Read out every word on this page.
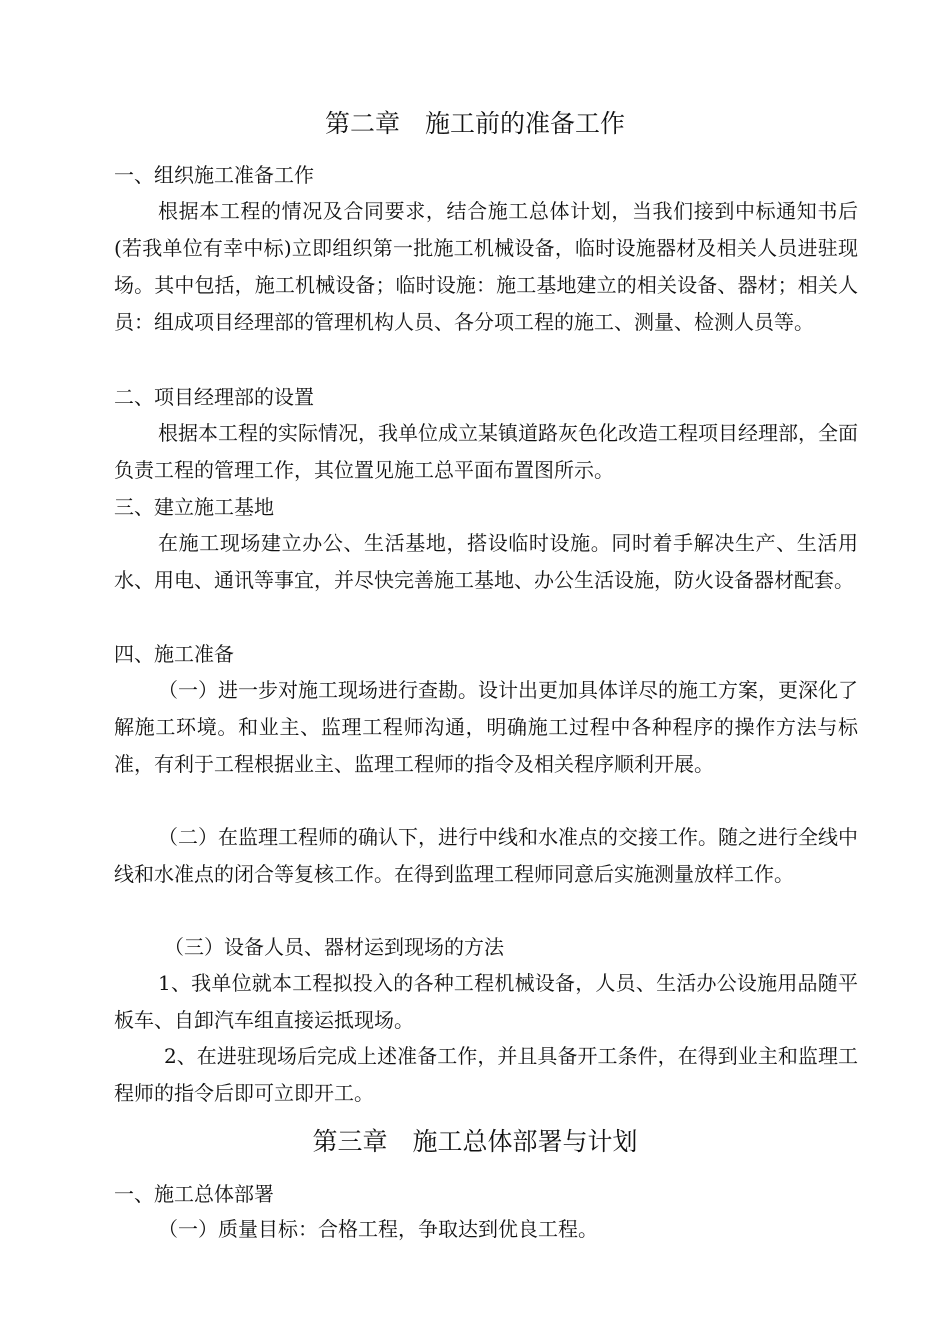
第二章　施工前的准备工作
一、组织施工准备工作

根据本工程的情况及合同要求，结合施工总体计划，当我们接到中标通知书后(若我单位有幸中标)立即组织第一批施工机械设备，临时设施器材及相关人员进驻现场。其中包括，施工机械设备；临时设施：施工基地建立的相关设备、器材；相关人员：组成项目经理部的管理机构人员、各分项工程的施工、测量、检测人员等。

二、项目经理部的设置

根据本工程的实际情况，我单位成立某镇道路灰色化改造工程项目经理部，全面负责工程的管理工作，其位置见施工总平面布置图所示。

三、建立施工基地

在施工现场建立办公、生活基地，搭设临时设施。同时着手解决生产、生活用水、用电、通讯等事宜，并尽快完善施工基地、办公生活设施，防火设备器材配套。

四、施工准备

（一）进一步对施工现场进行查勘。设计出更加具体详尽的施工方案，更深化了解施工环境。和业主、监理工程师沟通，明确施工过程中各种程序的操作方法与标准，有利于工程根据业主、监理工程师的指令及相关程序顺利开展。

（二）在监理工程师的确认下，进行中线和水准点的交接工作。随之进行全线中线和水准点的闭合等复核工作。在得到监理工程师同意后实施测量放样工作。

（三）设备人员、器材运到现场的方法

1、我单位就本工程拟投入的各种工程机械设备，人员、生活办公设施用品随平板车、自卸汽车组直接运抵现场。

2、在进驻现场后完成上述准备工作，并且具备开工条件，在得到业主和监理工程师的指令后即可立即开工。

第三章　施工总体部署与计划
一、施工总体部署
（一）质量目标：合格工程，争取达到优良工程。
